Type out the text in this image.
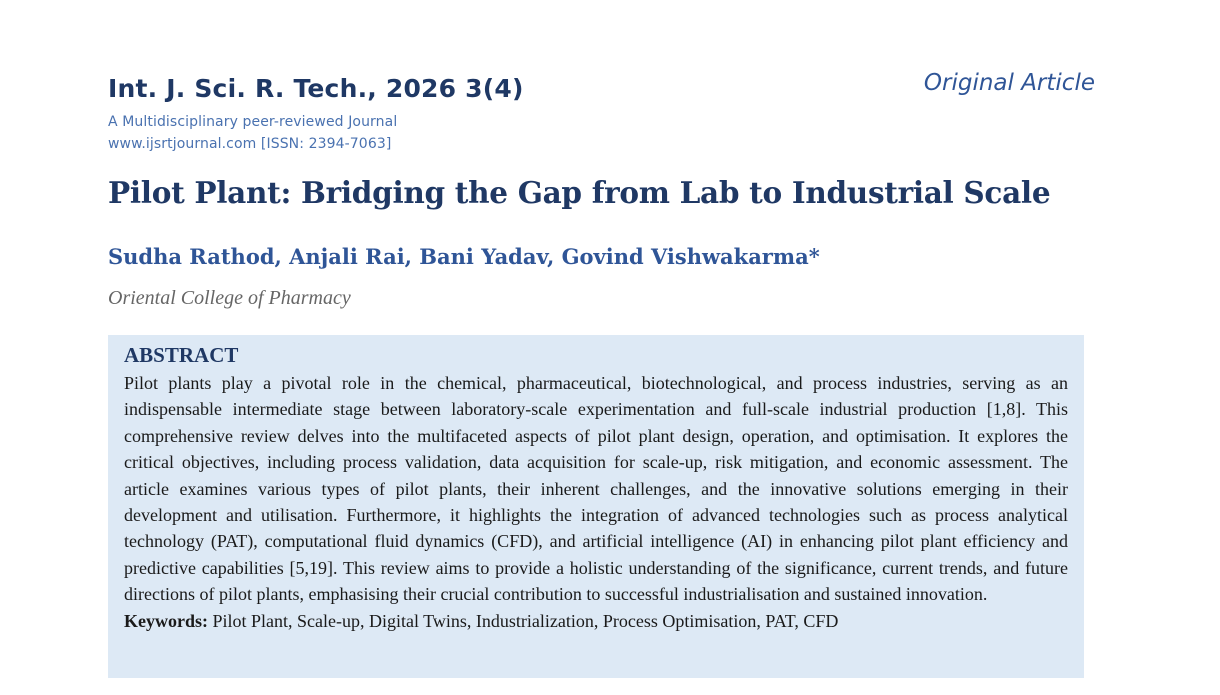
Int. J. Sci. R. Tech., 2026 3(4)	Original Article
A Multidisciplinary peer-reviewed Journal
www.ijsrtjournal.com [ISSN: 2394-7063]
Pilot Plant: Bridging the Gap from Lab to Industrial Scale
Sudha Rathod, Anjali Rai, Bani Yadav, Govind Vishwakarma*
Oriental College of Pharmacy
ABSTRACT

Pilot plants play a pivotal role in the chemical, pharmaceutical, biotechnological, and process industries, serving as an indispensable intermediate stage between laboratory-scale experimentation and full-scale industrial production [1,8]. This comprehensive review delves into the multifaceted aspects of pilot plant design, operation, and optimisation. It explores the critical objectives, including process validation, data acquisition for scale-up, risk mitigation, and economic assessment. The article examines various types of pilot plants, their inherent challenges, and the innovative solutions emerging in their development and utilisation. Furthermore, it highlights the integration of advanced technologies such as process analytical technology (PAT), computational fluid dynamics (CFD), and artificial intelligence (AI) in enhancing pilot plant efficiency and predictive capabilities [5,19]. This review aims to provide a holistic understanding of the significance, current trends, and future directions of pilot plants, emphasising their crucial contribution to successful industrialisation and sustained innovation.

Keywords: Pilot Plant, Scale-up, Digital Twins, Industrialization, Process Optimisation, PAT, CFD
